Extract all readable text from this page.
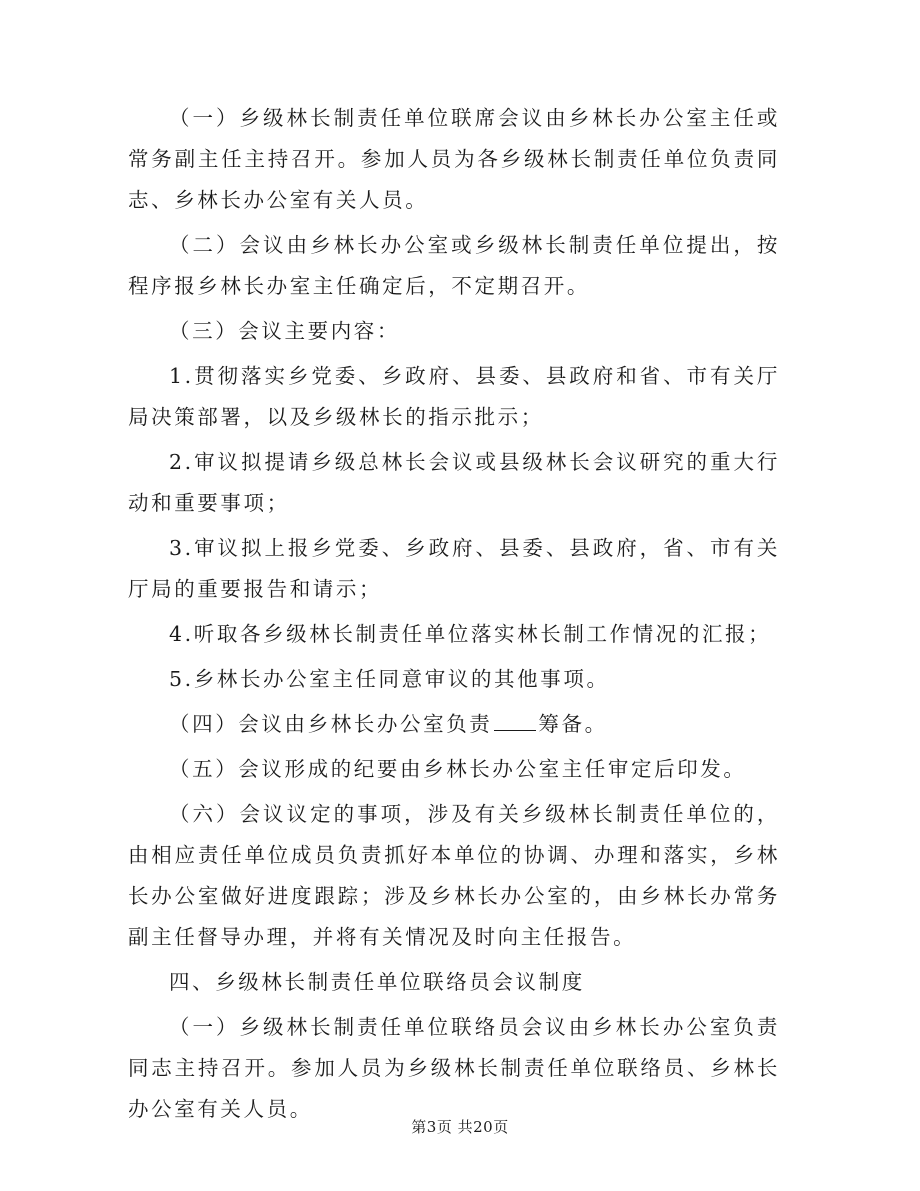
（一）乡级林长制责任单位联席会议由乡林长办公室主任或常务副主任主持召开。参加人员为各乡级林长制责任单位负责同志、乡林长办公室有关人员。

（二）会议由乡林长办公室或乡级林长制责任单位提出，按程序报乡林长办室主任确定后，不定期召开。

（三）会议主要内容：

1.贯彻落实乡党委、乡政府、县委、县政府和省、市有关厅局决策部署，以及乡级林长的指示批示；

2.审议拟提请乡级总林长会议或县级林长会议研究的重大行动和重要事项；

3.审议拟上报乡党委、乡政府、县委、县政府，省、市有关厅局的重要报告和请示；

4.听取各乡级林长制责任单位落实林长制工作情况的汇报；

5.乡林长办公室主任同意审议的其他事项。

（四）会议由乡林长办公室负责 筹备。

（五）会议形成的纪要由乡林长办公室主任审定后印发。

（六）会议议定的事项，涉及有关乡级林长制责任单位的，由相应责任单位成员负责抓好本单位的协调、办理和落实，乡林长办公室做好进度跟踪；涉及乡林长办公室的，由乡林长办常务副主任督导办理，并将有关情况及时向主任报告。

四、乡级林长制责任单位联络员会议制度

（一）乡级林长制责任单位联络员会议由乡林长办公室负责同志主持召开。参加人员为乡级林长制责任单位联络员、乡林长办公室有关人员。

第3页 共20页
